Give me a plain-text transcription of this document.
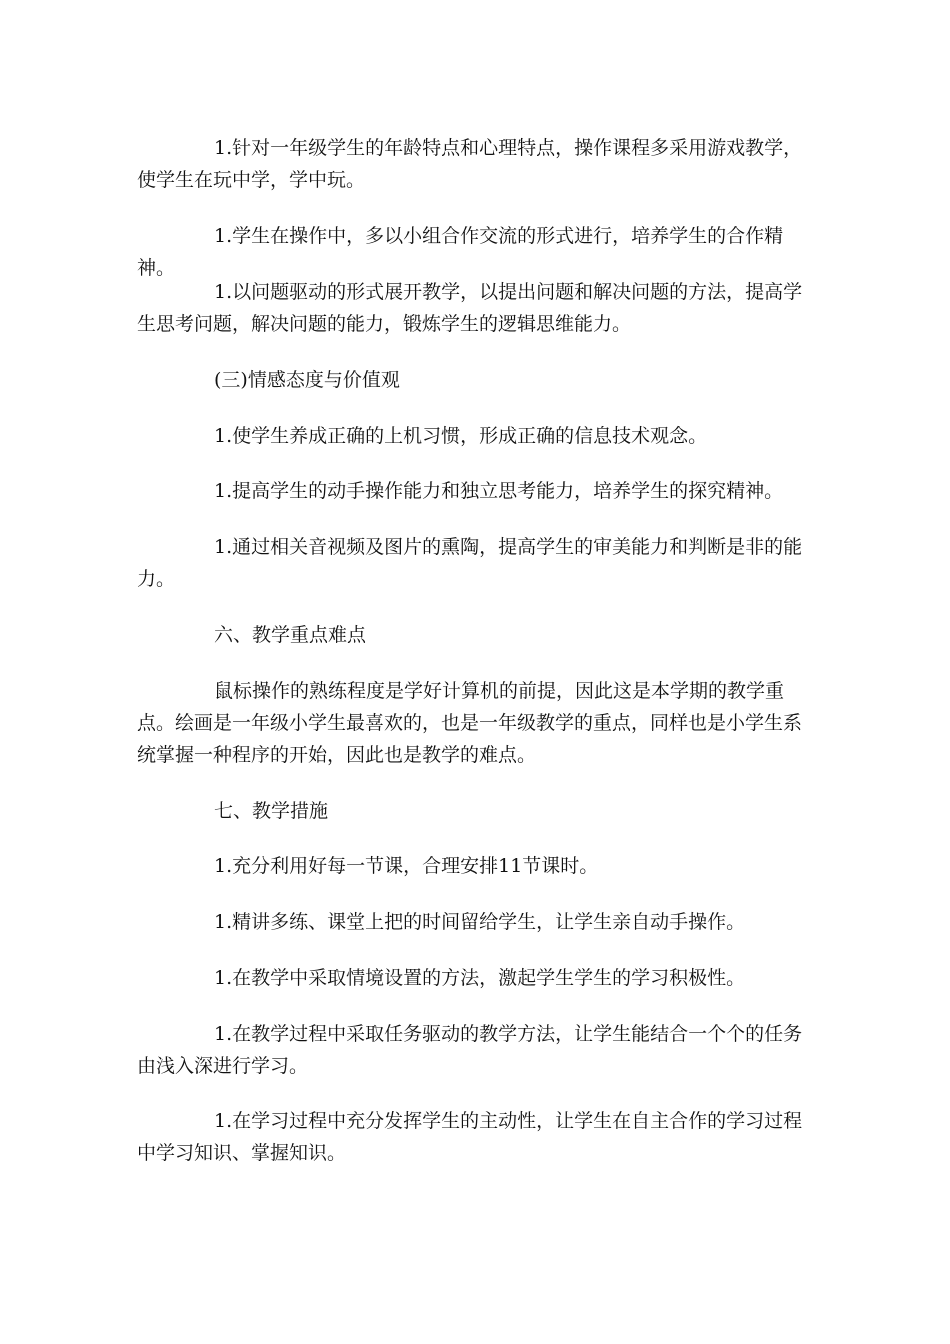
1.针对一年级学生的年龄特点和心理特点，操作课程多采用游戏教学，使学生在玩中学，学中玩。

1.学生在操作中，多以小组合作交流的形式进行，培养学生的合作精神。

1.以问题驱动的形式展开教学，以提出问题和解决问题的方法，提高学生思考问题，解决问题的能力，锻炼学生的逻辑思维能力。

(三)情感态度与价值观

1.使学生养成正确的上机习惯，形成正确的信息技术观念。

1.提高学生的动手操作能力和独立思考能力，培养学生的探究精神。

1.通过相关音视频及图片的熏陶，提高学生的审美能力和判断是非的能力。

六、教学重点难点

鼠标操作的熟练程度是学好计算机的前提，因此这是本学期的教学重点。绘画是一年级小学生最喜欢的，也是一年级教学的重点，同样也是小学生系统掌握一种程序的开始，因此也是教学的难点。

七、教学措施

1.充分利用好每一节课，合理安排11节课时。

1.精讲多练、课堂上把的时间留给学生，让学生亲自动手操作。

1.在教学中采取情境设置的方法，激起学生学生的学习积极性。

1.在教学过程中采取任务驱动的教学方法，让学生能结合一个个的任务由浅入深进行学习。

1.在学习过程中充分发挥学生的主动性，让学生在自主合作的学习过程中学习知识、掌握知识。
